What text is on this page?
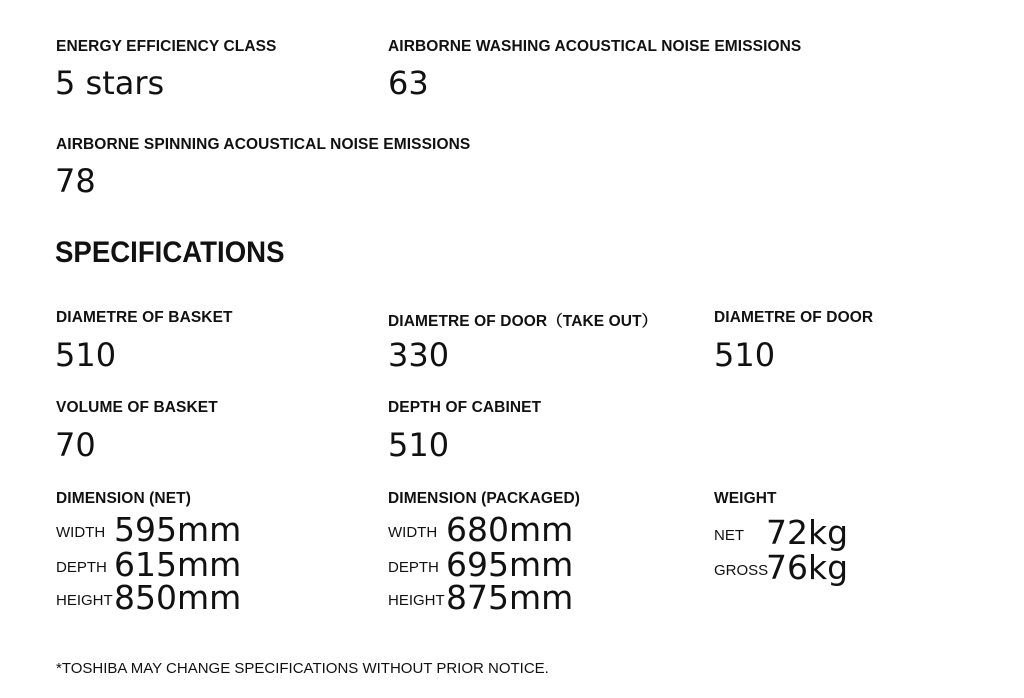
ENERGY EFFICIENCY CLASS
5 stars
AIRBORNE WASHING ACOUSTICAL NOISE EMISSIONS
63
AIRBORNE SPINNING ACOUSTICAL NOISE EMISSIONS
78
SPECIFICATIONS
DIAMETRE OF BASKET
510
DIAMETRE OF DOOR（TAKE OUT）
330
DIAMETRE OF DOOR
510
VOLUME OF BASKET
70
DEPTH OF CABINET
510
DIMENSION (NET)
WIDTH 595mm
DEPTH 615mm
HEIGHT 850mm
DIMENSION (PACKAGED)
WIDTH 680mm
DEPTH 695mm
HEIGHT 875mm
WEIGHT
NET 72kg
GROSS
76kg
*TOSHIBA MAY CHANGE SPECIFICATIONS WITHOUT PRIOR NOTICE.
